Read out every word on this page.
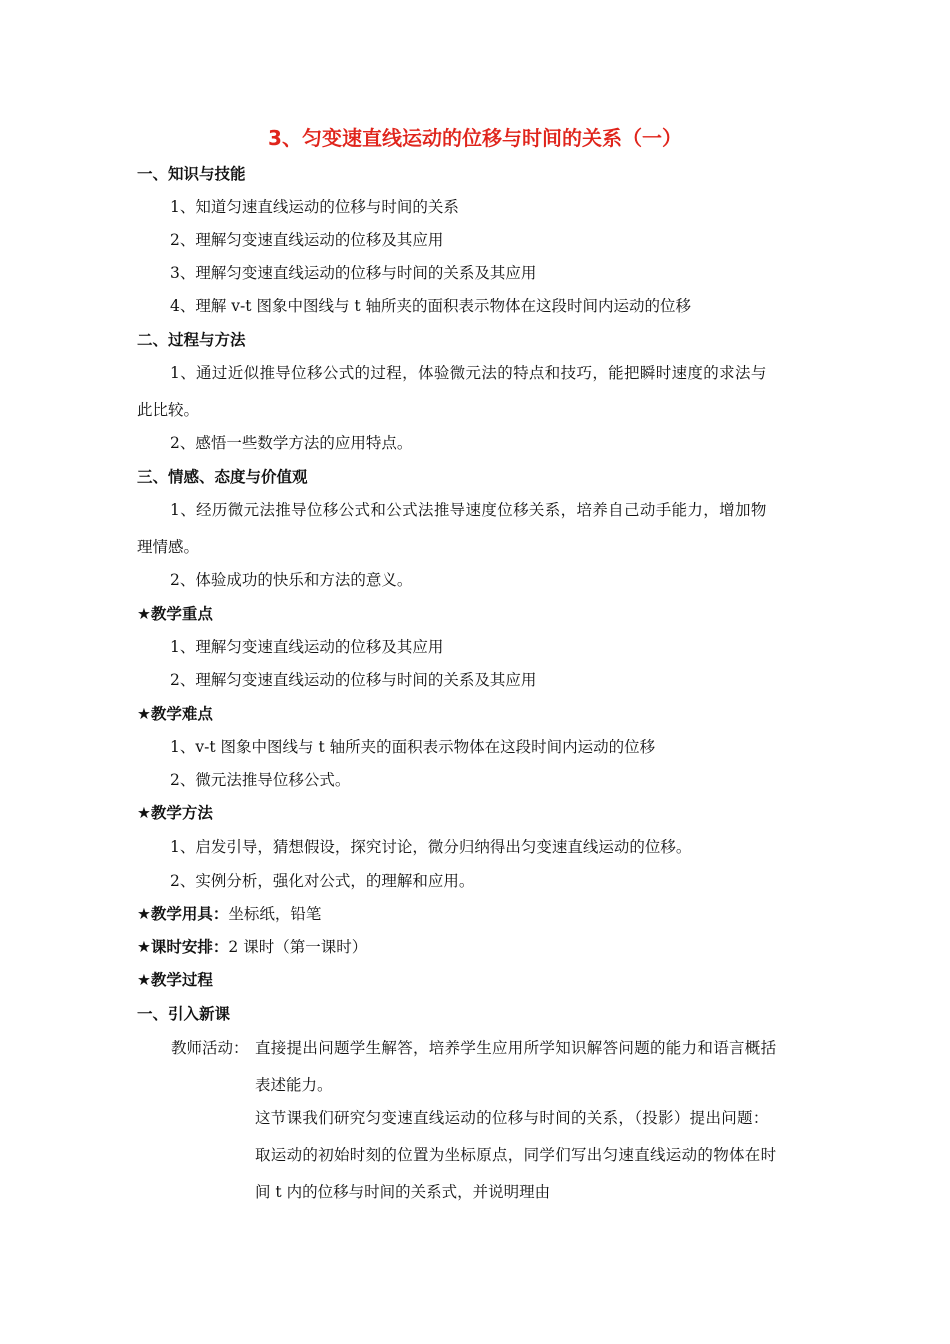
3、匀变速直线运动的位移与时间的关系（一）
一、知识与技能
1、知道匀速直线运动的位移与时间的关系
2、理解匀变速直线运动的位移及其应用
3、理解匀变速直线运动的位移与时间的关系及其应用
4、理解 v-t 图象中图线与 t 轴所夹的面积表示物体在这段时间内运动的位移
二、过程与方法
1、通过近似推导位移公式的过程，体验微元法的特点和技巧，能把瞬时速度的求法与
此比较。
2、感悟一些数学方法的应用特点。
三、情感、态度与价值观
1、经历微元法推导位移公式和公式法推导速度位移关系，培养自己动手能力，增加物
理情感。
2、体验成功的快乐和方法的意义。
★教学重点
1、理解匀变速直线运动的位移及其应用
2、理解匀变速直线运动的位移与时间的关系及其应用
★教学难点
1、v-t 图象中图线与 t 轴所夹的面积表示物体在这段时间内运动的位移
2、微元法推导位移公式。
★教学方法
1、启发引导，猜想假设，探究讨论，微分归纳得出匀变速直线运动的位移。
2、实例分析，强化对公式，的理解和应用。
★教学用具：坐标纸，铅笔
★课时安排：2 课时（第一课时）
★教学过程
一、引入新课
教师活动： 直接提出问题学生解答，培养学生应用所学知识解答问题的能力和语言概括
表述能力。
这节课我们研究匀变速直线运动的位移与时间的关系，（投影）提出问题：
取运动的初始时刻的位置为坐标原点，同学们写出匀速直线运动的物体在时
间 t 内的位移与时间的关系式，并说明理由
